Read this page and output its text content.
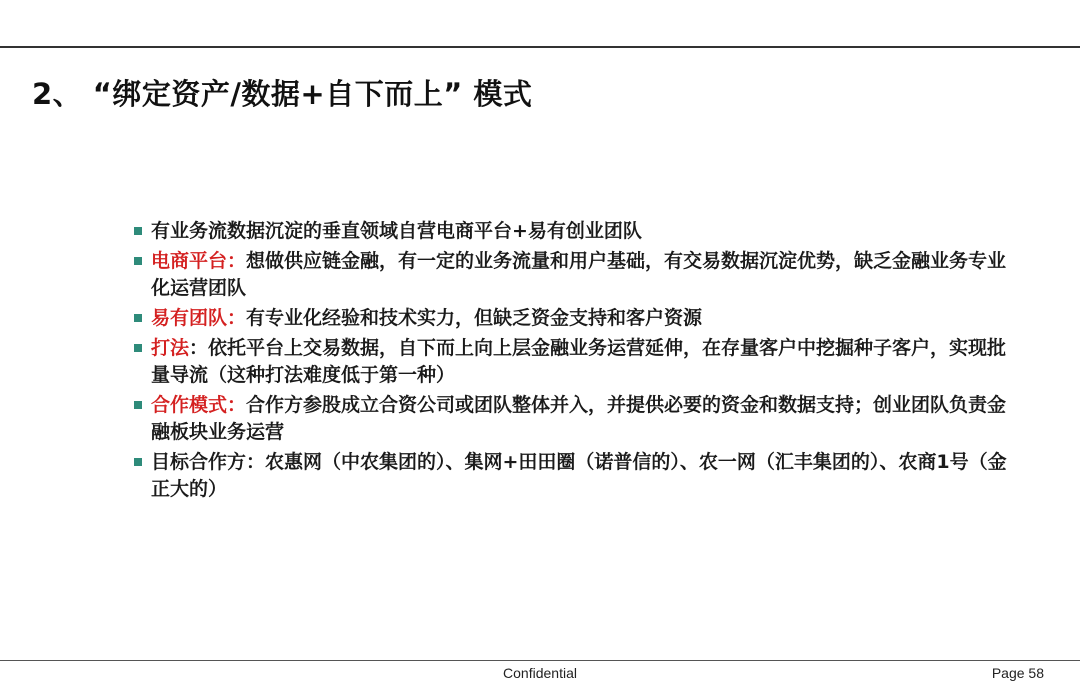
2、 “绑定资产/数据+自下而上” 模式
有业务流数据沉淀的垂直领域自营电商平台+易有创业团队
电商平台：想做供应链金融，有一定的业务流量和用户基础，有交易数据沉淀优势，缺乏金融业务专业化运营团队
易有团队：有专业化经验和技术实力，但缺乏资金支持和客户资源
打法：依托平台上交易数据，自下而上向上层金融业务运营延伸，在存量客户中挖掘种子客户，实现批量导流（这种打法难度低于第一种）
合作模式：合作方参股成立合资公司或团队整体并入，并提供必要的资金和数据支持；创业团队负责金融板块业务运营
目标合作方：农惠网（中农集团的）、集网+田田圈（诺普信的）、农一网（汇丰集团的）、农商1号（金正大的）
Confidential	Page 58
